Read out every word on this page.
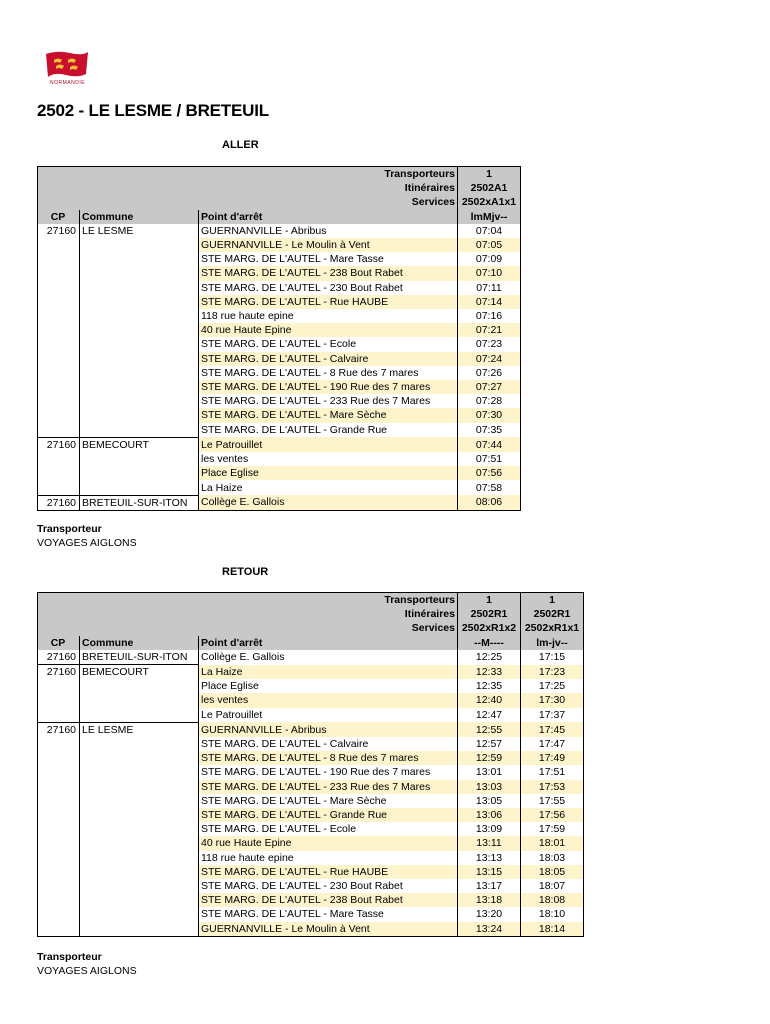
NORMANDIE
2502 - LE LESME / BRETEUIL
ALLER
Transporteurs			1
Itinéraires			2502A1
Services			2502xA1x1
CP	Commune	Point d'arrêt	lmMjv--
27160	LE LESME	GUERNANVILLE - Abribus	07:04
		GUERNANVILLE - Le Moulin à Vent	07:05
		STE MARG. DE L'AUTEL - Mare Tasse	07:09
		STE MARG. DE L'AUTEL - 238 Bout Rabet	07:10
		STE MARG. DE L'AUTEL - 230 Bout Rabet	07:11
		STE MARG. DE L'AUTEL - Rue HAUBE	07:14
		118 rue haute epine	07:16
		40 rue Haute Epine	07:21
		STE MARG. DE L'AUTEL - Ecole	07:23
		STE MARG. DE L'AUTEL - Calvaire	07:24
		STE MARG. DE L'AUTEL - 8 Rue des 7 mares	07:26
		STE MARG. DE L'AUTEL - 190 Rue des 7 mares	07:27
		STE MARG. DE L'AUTEL - 233 Rue des 7 Mares	07:28
		STE MARG. DE L'AUTEL - Mare Sèche	07:30
		STE MARG. DE L'AUTEL - Grande Rue	07:35
27160	BEMECOURT	Le Patrouillet	07:44
		les ventes	07:51
		Place Eglise	07:56
		La Haize	07:58
27160	BRETEUIL-SUR-ITON	Collège E. Gallois	08:06
Transporteur
VOYAGES AIGLONS
RETOUR
Transporteurs			1	1
Itinéraires			2502R1	2502R1
Services			2502xR1x2	2502xR1x1
CP	Commune	Point d'arrêt	--M----	lm-jv--
27160	BRETEUIL-SUR-ITON	Collège E. Gallois	12:25	17:15
27160	BEMECOURT	La Haize	12:33	17:23
		Place Eglise	12:35	17:25
		les ventes	12:40	17:30
		Le Patrouillet	12:47	17:37
27160	LE LESME	GUERNANVILLE - Abribus	12:55	17:45
		STE MARG. DE L'AUTEL - Calvaire	12:57	17:47
		STE MARG. DE L'AUTEL - 8 Rue des 7 mares	12:59	17:49
		STE MARG. DE L'AUTEL - 190 Rue des 7 mares	13:01	17:51
		STE MARG. DE L'AUTEL - 233 Rue des 7 Mares	13:03	17:53
		STE MARG. DE L'AUTEL - Mare Sèche	13:05	17:55
		STE MARG. DE L'AUTEL - Grande Rue	13:06	17:56
		STE MARG. DE L'AUTEL - Ecole	13:09	17:59
		40 rue Haute Epine	13:11	18:01
		118 rue haute epine	13:13	18:03
		STE MARG. DE L'AUTEL - Rue HAUBE	13:15	18:05
		STE MARG. DE L'AUTEL - 230 Bout Rabet	13:17	18:07
		STE MARG. DE L'AUTEL - 238 Bout Rabet	13:18	18:08
		STE MARG. DE L'AUTEL - Mare Tasse	13:20	18:10
		GUERNANVILLE - Le Moulin à Vent	13:24	18:14
Transporteur
VOYAGES AIGLONS
